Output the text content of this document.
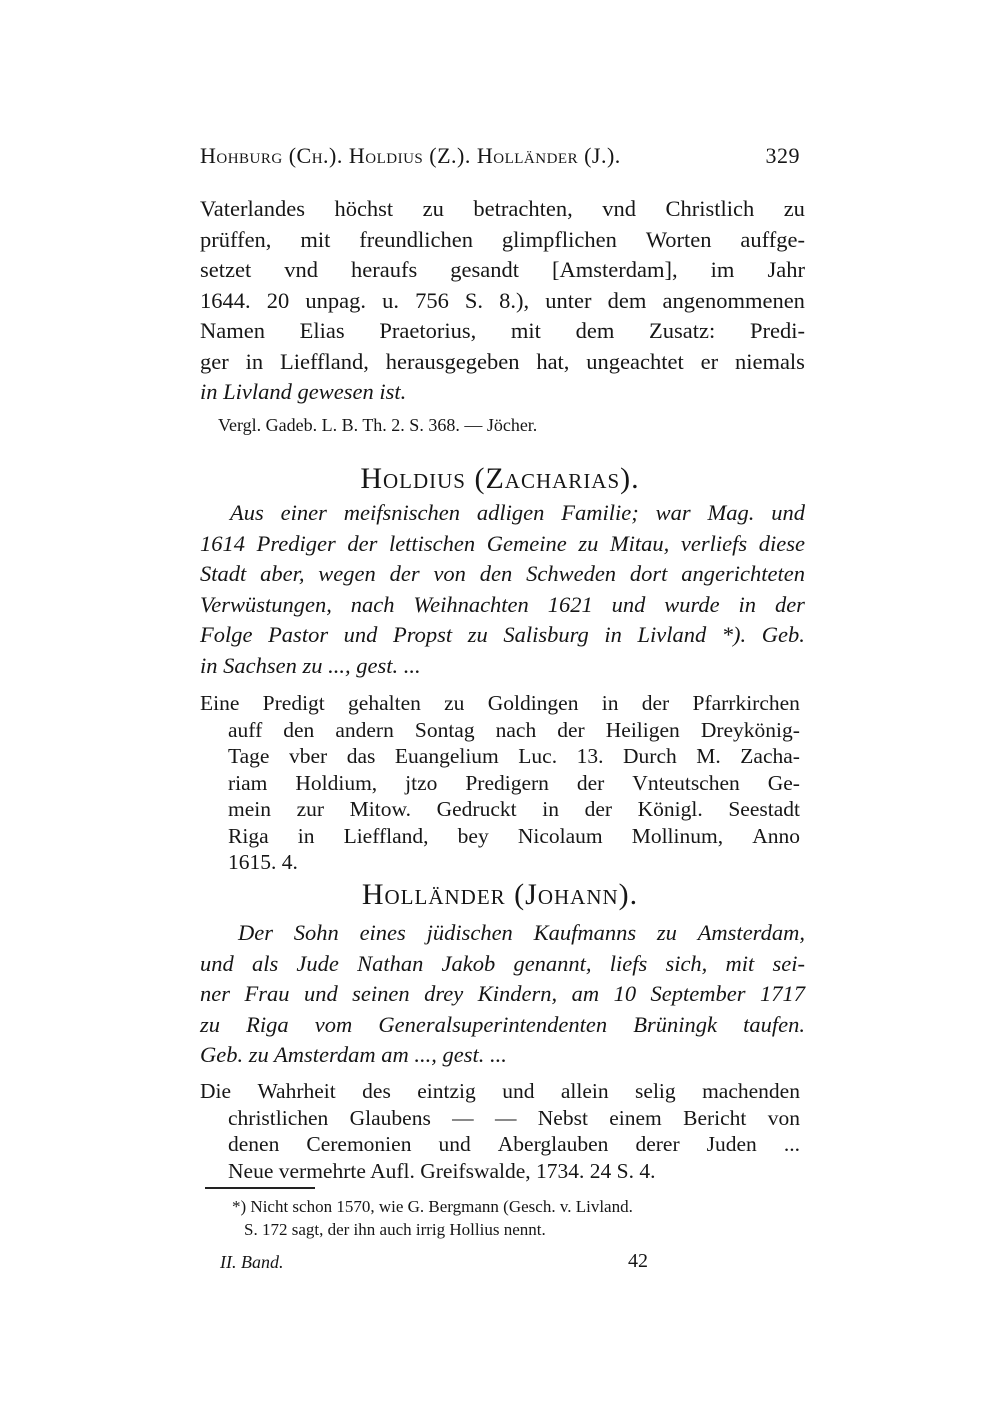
Hohburg (Ch.). Holdius (Z.). Holländer (J.).	329
Vaterlandes höchst zu betrachten, vnd Christlich zu
prüffen, mit freundlichen glimpflichen Worten auffge-
setzet vnd heraufs gesandt [Amsterdam], im Jahr
1644. 20 unpag. u. 756 S. 8.), unter dem angenommenen
Namen Elias Praetorius, mit dem Zusatz: Predi-
ger in Lieffland, herausgegeben hat, ungeachtet er niemals
in Livland gewesen ist.
Vergl. Gadeb. L. B. Th. 2. S. 368. — Jöcher.
Holdius (Zacharias).
Aus einer meifsnischen adligen Familie; war Mag. und
1614 Prediger der lettischen Gemeine zu Mitau, verliefs diese
Stadt aber, wegen der von den Schweden dort angerichteten
Verwüstungen, nach Weihnachten 1621 und wurde in der
Folge Pastor und Propst zu Salisburg in Livland *). Geb.
in Sachsen zu ..., gest. ...
Eine Predigt gehalten zu Goldingen in der Pfarrkirchen
auff den andern Sontag nach der Heiligen Dreykönig-
Tage vber das Euangelium Luc. 13. Durch M. Zacha-
riam Holdium, jtzo Predigern der Vnteutschen Ge-
mein zur Mitow. Gedruckt in der Königl. Seestadt
Riga in Lieffland, bey Nicolaum Mollinum, Anno
1615. 4.
Holländer (Johann).
Der Sohn eines jüdischen Kaufmanns zu Amsterdam,
und als Jude Nathan Jakob genannt, liefs sich, mit sei-
ner Frau und seinen drey Kindern, am 10 September 1717
zu Riga vom Generalsuperintendenten Brüningk taufen.
Geb. zu Amsterdam am ..., gest. ...
Die Wahrheit des eintzig und allein selig machenden
christlichen Glaubens — — Nebst einem Bericht von
denen Ceremonien und Aberglauben derer Juden ...
Neue vermehrte Aufl. Greifswalde, 1734. 24 S. 4.
*) Nicht schon 1570, wie G. Bergmann (Gesch. v. Livland.
S. 172 sagt, der ihn auch irrig Hollius nennt.
II. Band.	42
